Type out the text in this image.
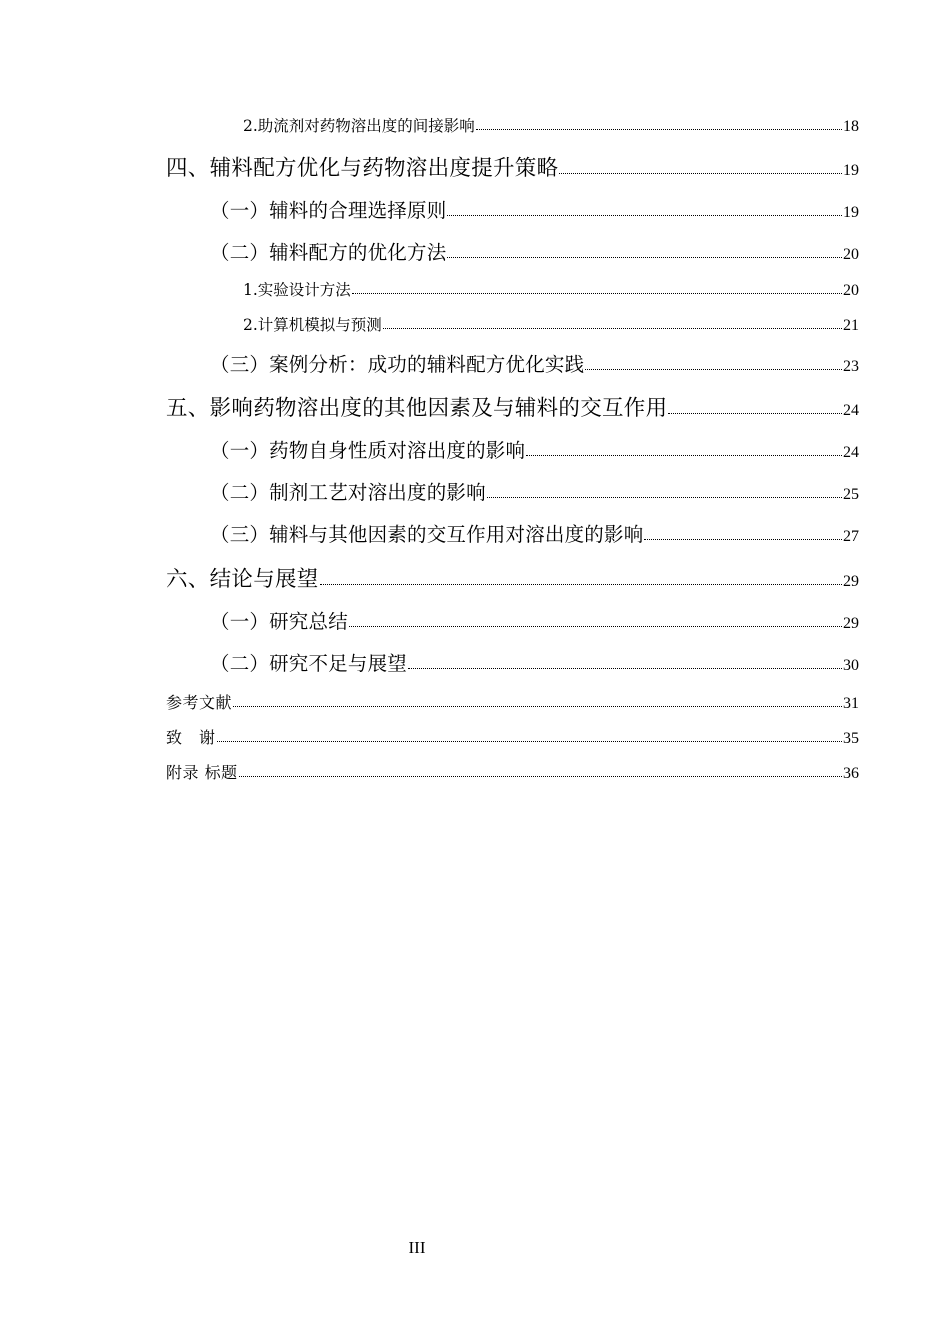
2.助流剂对药物溶出度的间接影响	18
四、辅料配方优化与药物溶出度提升策略	19
（一）辅料的合理选择原则	19
（二）辅料配方的优化方法	20
1.实验设计方法	20
2.计算机模拟与预测	21
（三）案例分析：成功的辅料配方优化实践	23
五、影响药物溶出度的其他因素及与辅料的交互作用	24
（一）药物自身性质对溶出度的影响	24
（二）制剂工艺对溶出度的影响	25
（三）辅料与其他因素的交互作用对溶出度的影响	27
六、结论与展望	29
（一）研究总结	29
（二）研究不足与展望	30
参考文献	31
致　谢	35
附录 标题	36
III
